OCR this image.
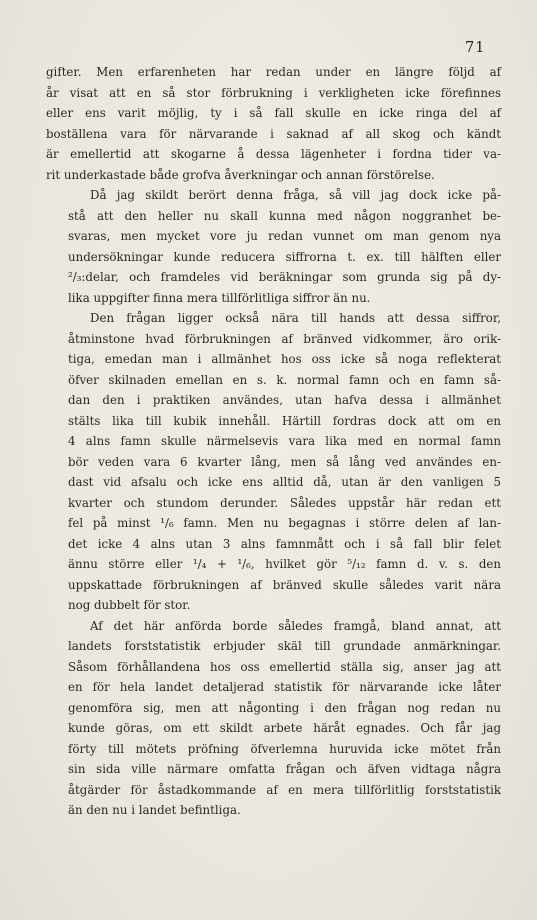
71

gifter. Men erfarenheten har redan under en längre följd af
år visat att en så stor förbrukning i verkligheten icke förefinnes
eller ens varit möjlig, ty i så fall skulle en icke ringa del af
boställena vara för närvarande i saknad af all skog och kändt
är emellertid att skogarne å dessa lägenheter i fordna tider va-
rit underkastade både grofva åverkningar och annan förstörelse.

Då jag skildt berört denna fråga, så vill jag dock icke på-
stå att den heller nu skall kunna med någon noggranhet be-
svaras, men mycket vore ju redan vunnet om man genom nya
undersökningar kunde reducera siffrorna t. ex. till hälften eller
²/₃:delar, och framdeles vid beräkningar som grunda sig på dy-
lika uppgifter finna mera tillförlitliga siffror än nu.

Den frågan ligger också nära till hands att dessa siffror,
åtminstone hvad förbrukningen af bränved vidkommer, äro orik-
tiga, emedan man i allmänhet hos oss icke så noga reflekterat
öfver skilnaden emellan en s. k. normal famn och en famn så-
dan den i praktiken användes, utan hafva dessa i allmänhet
stälts lika till kubik innehåll. Härtill fordras dock att om en
4 alns famn skulle närmelsevis vara lika med en normal famn
bör veden vara 6 kvarter lång, men så lång ved användes en-
dast vid afsalu och icke ens alltid då, utan är den vanligen 5
kvarter och stundom derunder. Således uppstår här redan ett
fel på minst ¹/₆ famn. Men nu begagnas i större delen af lan-
det icke 4 alns utan 3 alns famnmått och i så fall blir felet
ännu större eller ¹/₄ + ¹/₆, hvilket gör ⁵/₁₂ famn d. v. s. den
uppskattade förbrukningen af bränved skulle således varit nära
nog dubbelt för stor.

Af det här anförda borde således framgå, bland annat, att
landets forststatistik erbjuder skäl till grundade anmärkningar.
Såsom förhållandena hos oss emellertid ställa sig, anser jag att
en för hela landet detaljerad statistik för närvarande icke låter
genomföra sig, men att någonting i den frågan nog redan nu
kunde göras, om ett skildt arbete häråt egnades. Och får jag
förty till mötets pröfning öfverlemna huruvida icke mötet från
sin sida ville närmare omfatta frågan och äfven vidtaga några
åtgärder för åstadkommande af en mera tillförlitlig forststatistik
än den nu i landet befintliga.
